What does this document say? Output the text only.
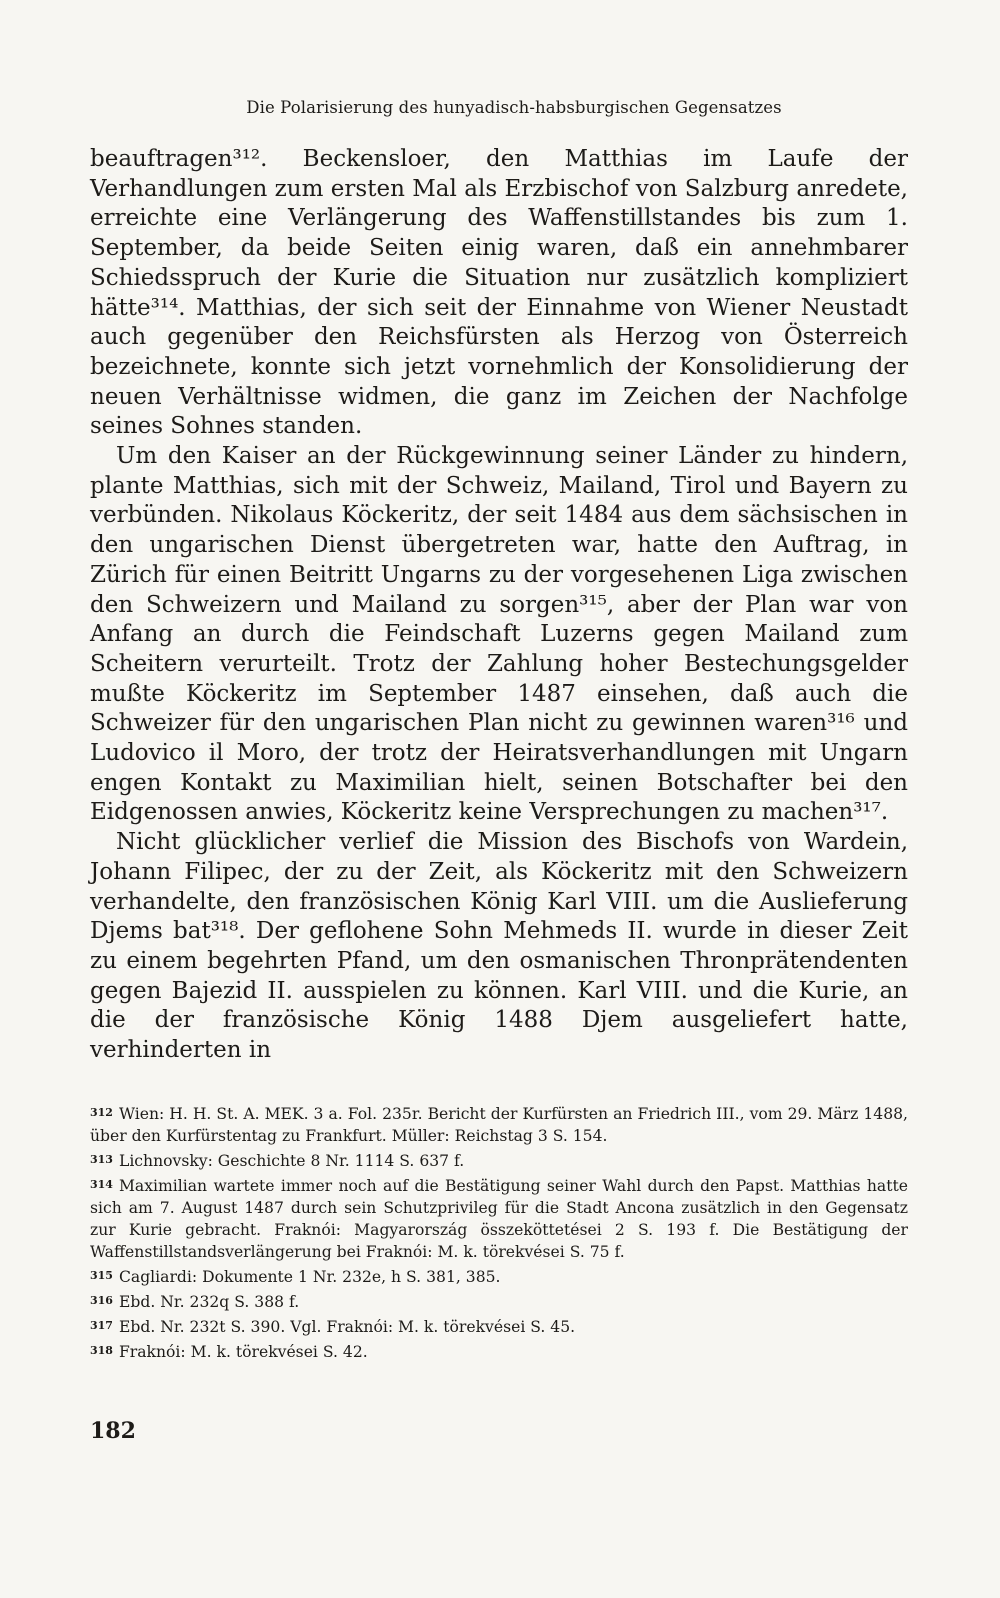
Die Polarisierung des hunyadisch-habsburgischen Gegensatzes

beauftragen³¹². Beckensloer, den Matthias im Laufe der Verhandlungen zum ersten Mal als Erzbischof von Salzburg anredete, erreichte eine Verlängerung des Waffenstillstandes bis zum 1. September, da beide Seiten einig waren, daß ein annehmbarer Schiedsspruch der Kurie die Situation nur zusätzlich kompliziert hätte³¹⁴. Matthias, der sich seit der Einnahme von Wiener Neustadt auch gegenüber den Reichsfürsten als Herzog von Österreich bezeichnete, konnte sich jetzt vornehmlich der Konsolidierung der neuen Verhältnisse widmen, die ganz im Zeichen der Nachfolge seines Sohnes standen.

Um den Kaiser an der Rückgewinnung seiner Länder zu hindern, plante Matthias, sich mit der Schweiz, Mailand, Tirol und Bayern zu verbünden. Nikolaus Köckeritz, der seit 1484 aus dem sächsischen in den ungarischen Dienst übergetreten war, hatte den Auftrag, in Zürich für einen Beitritt Ungarns zu der vorgesehenen Liga zwischen den Schweizern und Mailand zu sorgen³¹⁵, aber der Plan war von Anfang an durch die Feindschaft Luzerns gegen Mailand zum Scheitern verurteilt. Trotz der Zahlung hoher Bestechungsgelder mußte Köckeritz im September 1487 einsehen, daß auch die Schweizer für den ungarischen Plan nicht zu gewinnen waren³¹⁶ und Ludovico il Moro, der trotz der Heiratsverhandlungen mit Ungarn engen Kontakt zu Maximilian hielt, seinen Botschafter bei den Eidgenossen anwies, Köckeritz keine Versprechungen zu machen³¹⁷.

Nicht glücklicher verlief die Mission des Bischofs von Wardein, Johann Filipec, der zu der Zeit, als Köckeritz mit den Schweizern verhandelte, den französischen König Karl VIII. um die Auslieferung Djems bat³¹⁸. Der geflohene Sohn Mehmeds II. wurde in dieser Zeit zu einem begehrten Pfand, um den osmanischen Thronprätendenten gegen Bajezid II. ausspielen zu können. Karl VIII. und die Kurie, an die der französische König 1488 Djem ausgeliefert hatte, verhinderten in

312 Wien: H. H. St. A. MEK. 3 a. Fol. 235r. Bericht der Kurfürsten an Friedrich III., vom 29. März 1488, über den Kurfürstentag zu Frankfurt. Müller: Reichstag 3 S. 154.
313 Lichnovsky: Geschichte 8 Nr. 1114 S. 637 f.
314 Maximilian wartete immer noch auf die Bestätigung seiner Wahl durch den Papst. Matthias hatte sich am 7. August 1487 durch sein Schutzprivileg für die Stadt Ancona zusätzlich in den Gegensatz zur Kurie gebracht. Fraknói: Magyarország összeköttetései 2 S. 193 f. Die Bestätigung der Waffenstillstandsverlängerung bei Fraknói: M. k. törekvései S. 75 f.
315 Cagliardi: Dokumente 1 Nr. 232e, h S. 381, 385.
316 Ebd. Nr. 232q S. 388 f.
317 Ebd. Nr. 232t S. 390. Vgl. Fraknói: M. k. törekvései S. 45.
318 Fraknói: M. k. törekvései S. 42.
182
